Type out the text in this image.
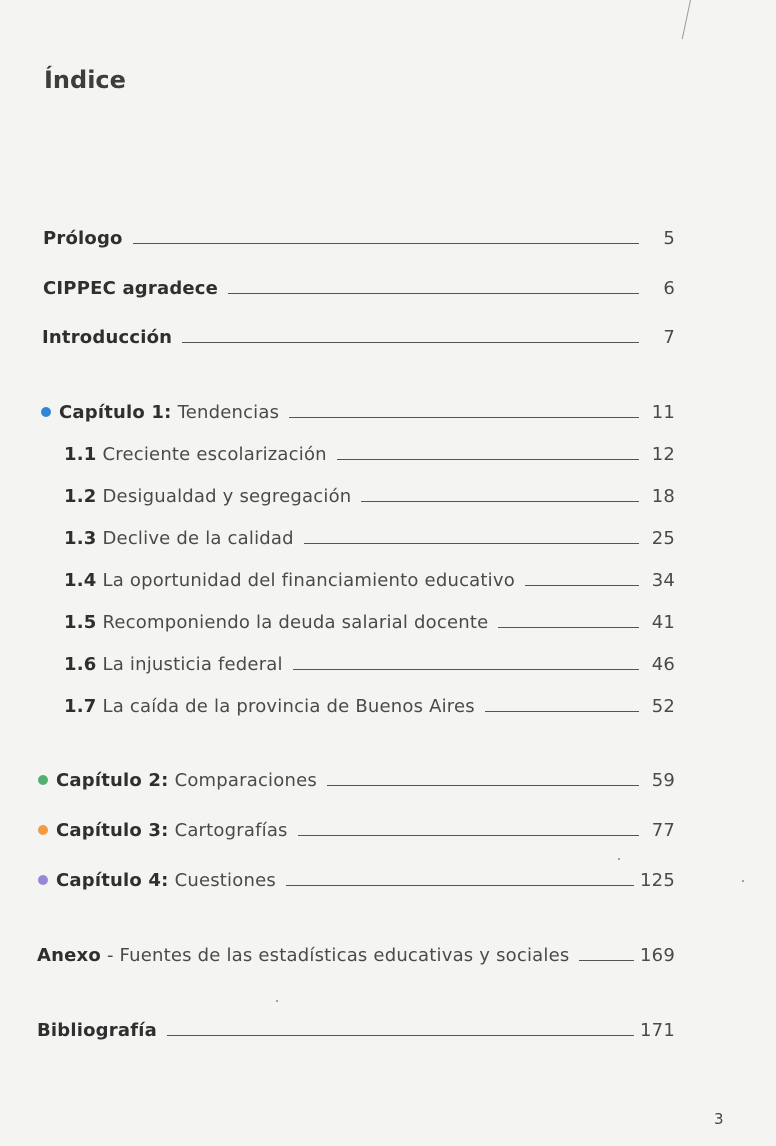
Índice
Prólogo	5
CIPPEC agradece	6
Introducción	7
Capítulo 1: Tendencias	11
1.1 Creciente escolarización	12
1.2 Desigualdad y segregación	18
1.3 Declive de la calidad	25
1.4 La oportunidad del financiamiento educativo	34
1.5 Recomponiendo la deuda salarial docente	41
1.6 La injusticia federal	46
1.7 La caída de la provincia de Buenos Aires	52
Capítulo 2: Comparaciones	59
Capítulo 3: Cartografías	77
Capítulo 4: Cuestiones	125
Anexo - Fuentes de las estadísticas educativas y sociales	169
Bibliografía	171
3
